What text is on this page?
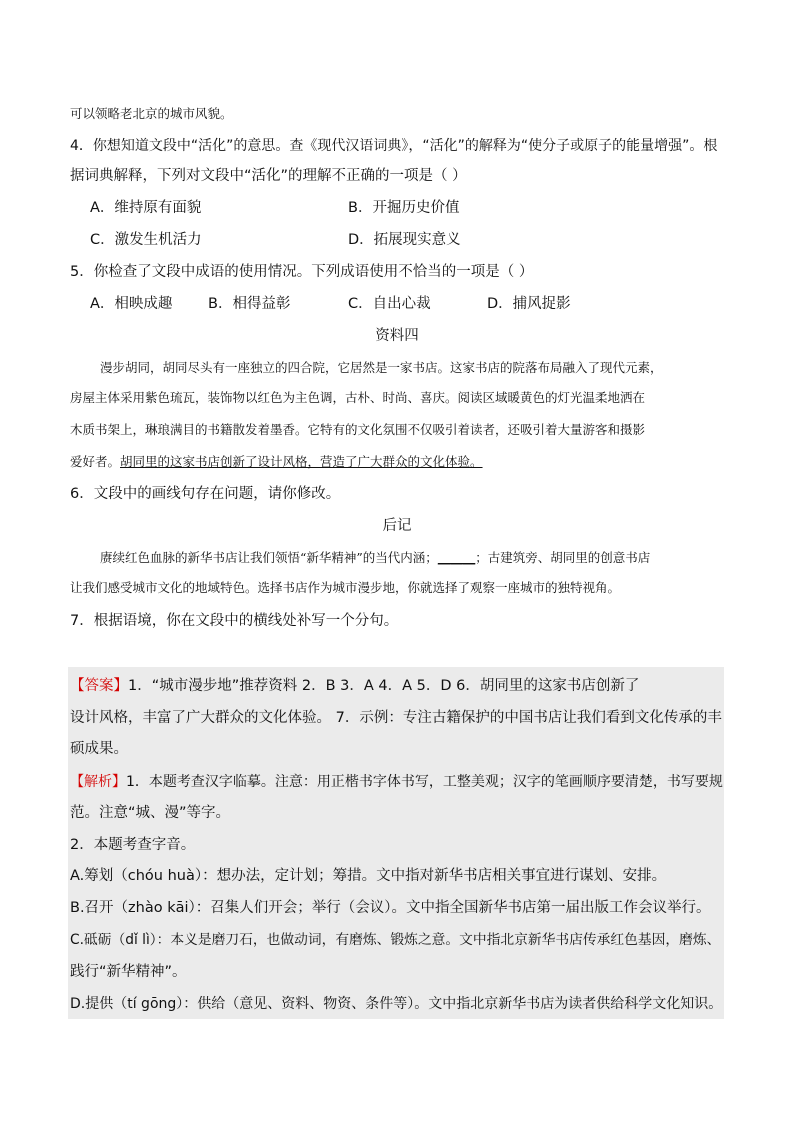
可以领略老北京的城市风貌。
4．你想知道文段中“活化”的意思。查《现代汉语词典》，“活化”的解释为“使分子或原子的能量增强”。根
据词典解释，下列对文段中“活化”的理解不正确的一项是（ ）
A．维持原有面貌	B．开掘历史价值
C．激发生机活力	D．拓展现实意义
5．你检查了文段中成语的使用情况。下列成语使用不恰当的一项是（ ）
A．相映成趣 B．相得益彰	C．自出心裁	D．捕风捉影
资料四
漫步胡同，胡同尽头有一座独立的四合院，它居然是一家书店。这家书店的院落布局融入了现代元素，
房屋主体采用紫色琉瓦，装饰物以红色为主色调，古朴、时尚、喜庆。阅读区域暖黄色的灯光温柔地洒在
木质书架上，琳琅满目的书籍散发着墨香。它特有的文化氛围不仅吸引着读者，还吸引着大量游客和摄影
爱好者。胡同里的这家书店创新了设计风格，营造了广大群众的文化体验。
6．文段中的画线句存在问题，请你修改。
后记
赓续红色血脉的新华书店让我们领悟“新华精神”的当代内涵；______；古建筑旁、胡同里的创意书店
让我们感受城市文化的地域特色。选择书店作为城市漫步地，你就选择了观察一座城市的独特视角。
7．根据语境，你在文段中的横线处补写一个分句。
【答案】1．“城市漫步地”推荐资料 2．B 3．A 4．A 5．D 6．胡同里的这家书店创新了
设计风格，丰富了广大群众的文化体验。 7．示例：专注古籍保护的中国书店让我们看到文化传承的丰
硕成果。
【解析】1．本题考查汉字临摹。注意：用正楷书字体书写，工整美观；汉字的笔画顺序要清楚，书写要规
范。注意“城、漫”等字。
2．本题考查字音。
A.筹划（chóu huà）：想办法，定计划；筹措。文中指对新华书店相关事宜进行谋划、安排。
B.召开（zhào kāi）：召集人们开会；举行（会议）。文中指全国新华书店第一届出版工作会议举行。
C.砥砺（dǐ lì）：本义是磨刀石，也做动词，有磨炼、锻炼之意。文中指北京新华书店传承红色基因，磨炼、
践行“新华精神”。
D.提供（tí gōng）：供给（意见、资料、物资、条件等）。文中指北京新华书店为读者供给科学文化知识。
